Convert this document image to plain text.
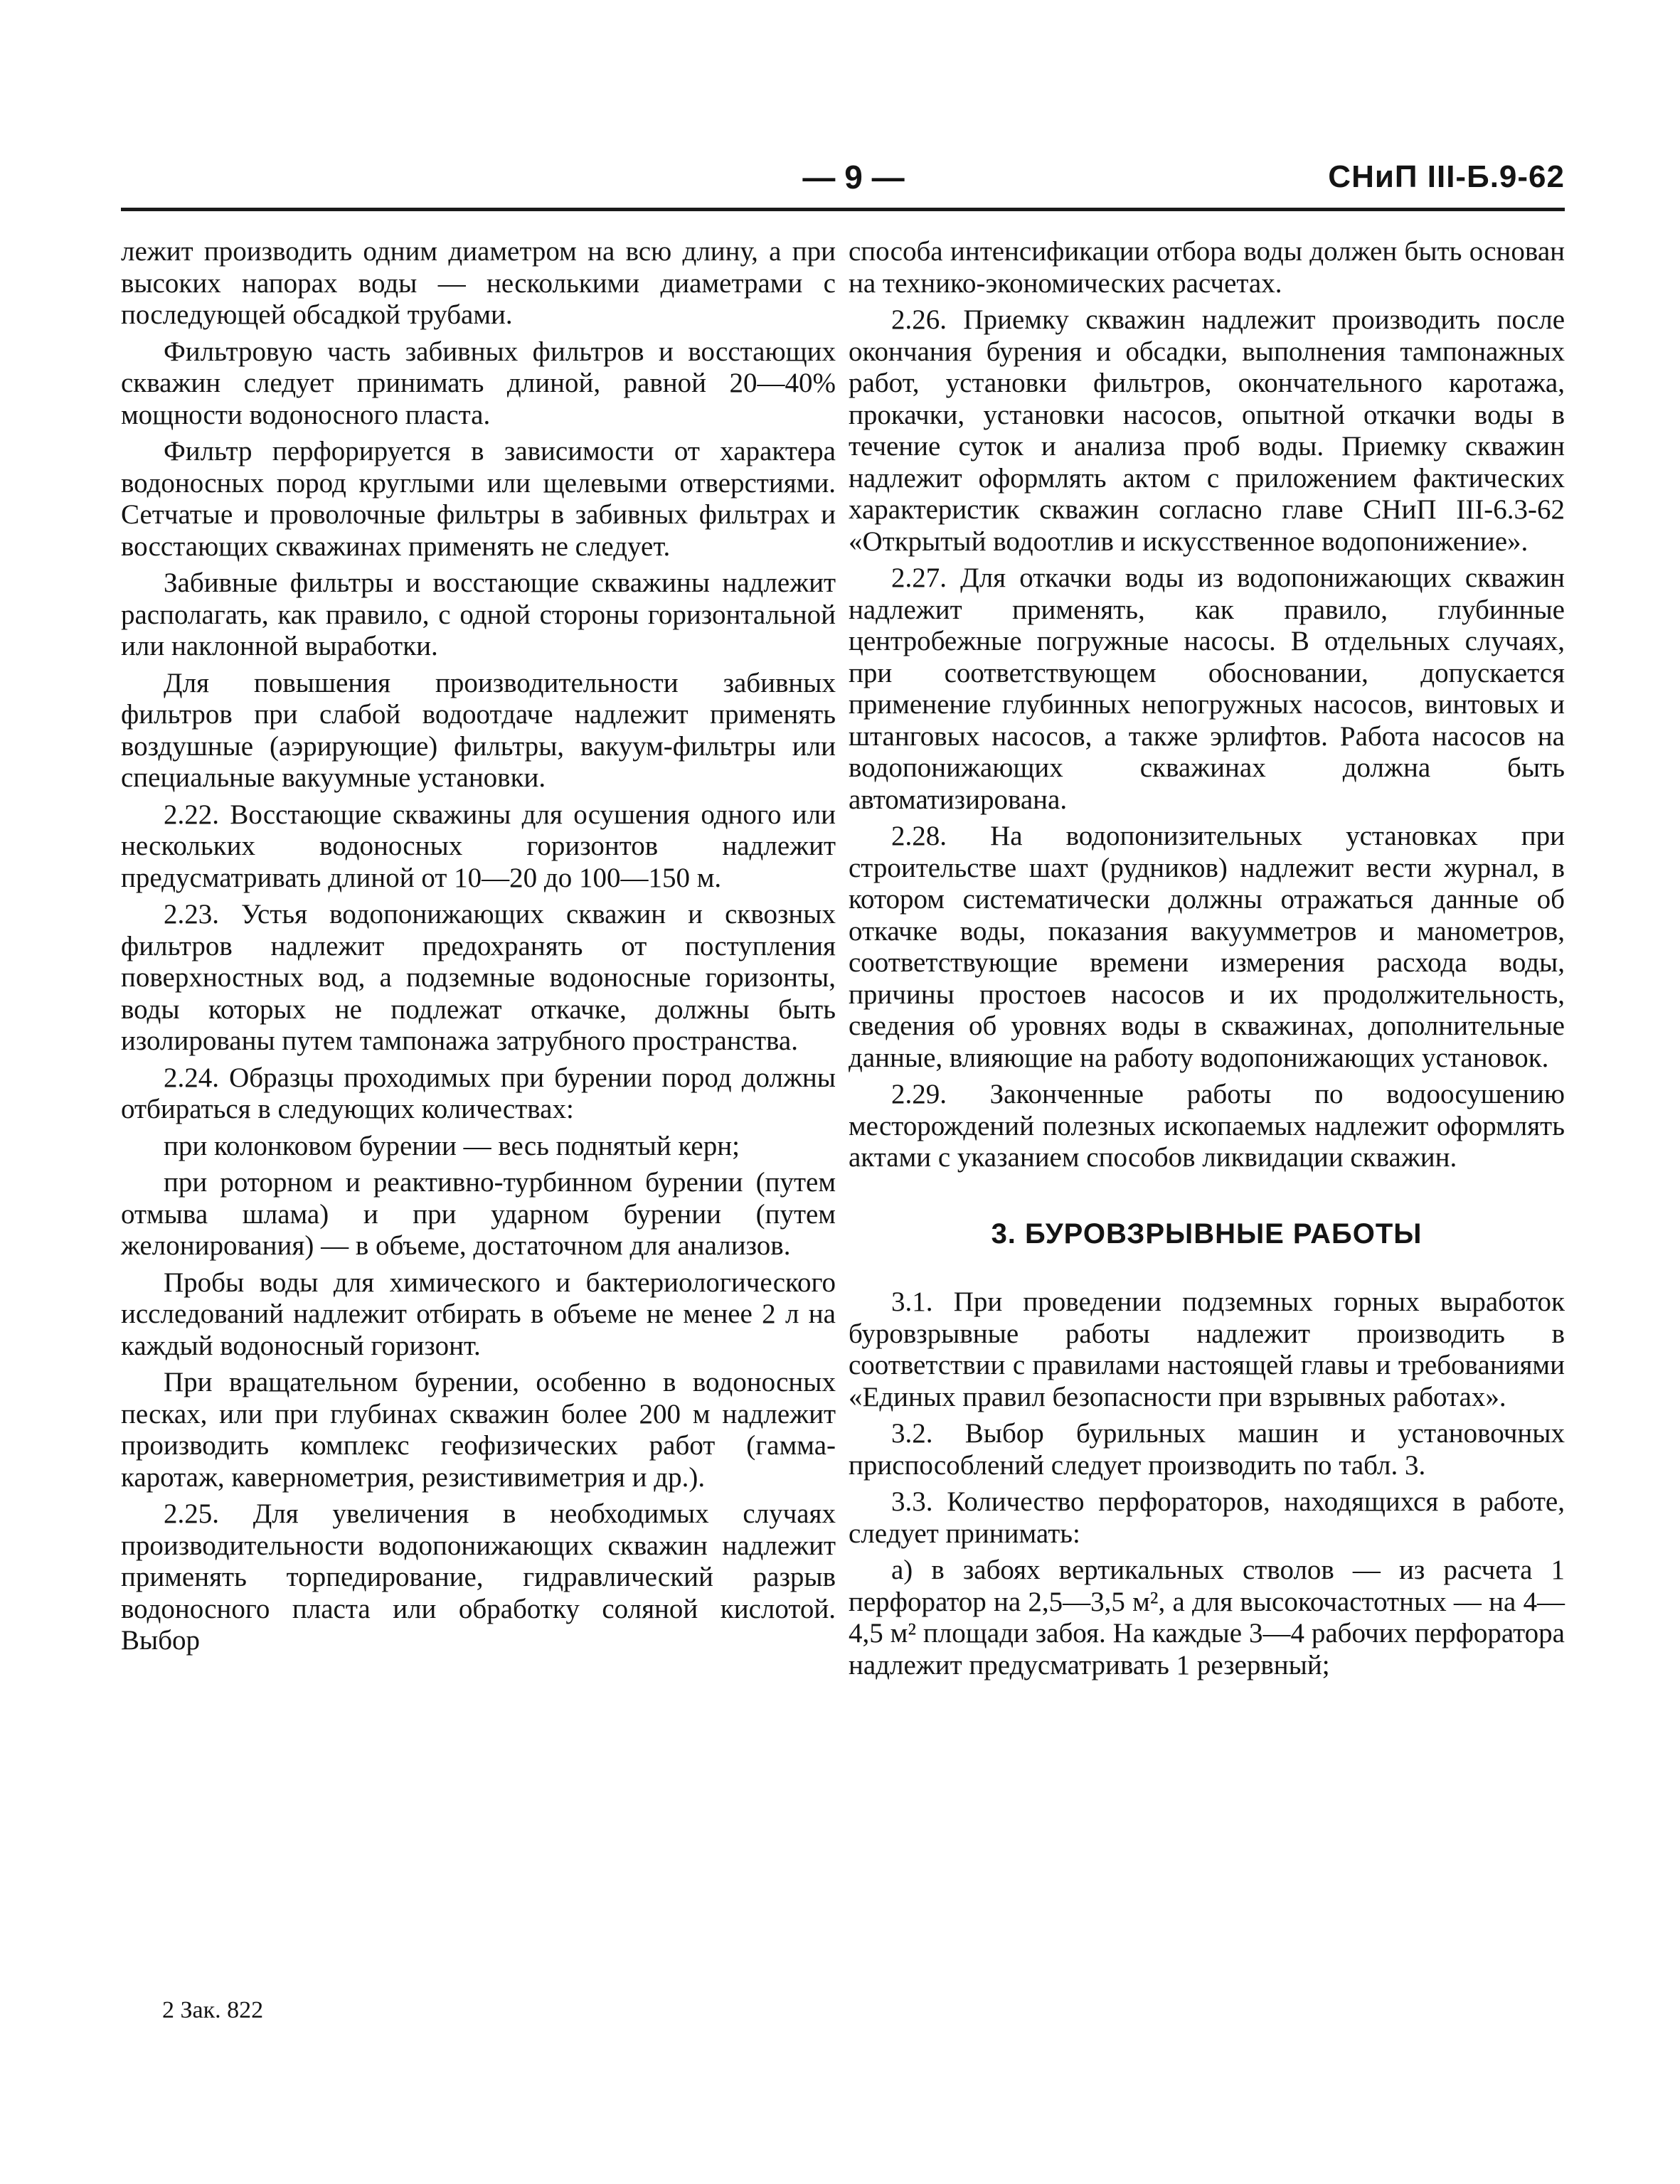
— 9 —	СНиП III-Б.9-62

лежит производить одним диаметром на всю длину, а при высоких напорах воды — несколькими диаметрами с последующей обсадкой трубами.

Фильтровую часть забивных фильтров и восстающих скважин следует принимать длиной, равной 20—40% мощности водоносного пласта.

Фильтр перфорируется в зависимости от характера водоносных пород круглыми или щелевыми отверстиями. Сетчатые и проволочные фильтры в забивных фильтрах и восстающих скважинах применять не следует.

Забивные фильтры и восстающие скважины надлежит располагать, как правило, с одной стороны горизонтальной или наклонной выработки.

Для повышения производительности забивных фильтров при слабой водоотдаче надлежит применять воздушные (аэрирующие) фильтры, вакуум-фильтры или специальные вакуумные установки.

2.22. Восстающие скважины для осушения одного или нескольких водоносных горизонтов надлежит предусматривать длиной от 10—20 до 100—150 м.

2.23. Устья водопонижающих скважин и сквозных фильтров надлежит предохранять от поступления поверхностных вод, а подземные водоносные горизонты, воды которых не подлежат откачке, должны быть изолированы путем тампонажа затрубного пространства.

2.24. Образцы проходимых при бурении пород должны отбираться в следующих количествах:

при колонковом бурении — весь поднятый керн;

при роторном и реактивно-турбинном бурении (путем отмыва шлама) и при ударном бурении (путем желонирования) — в объеме, достаточном для анализов.

Пробы воды для химического и бактериологического исследований надлежит отбирать в объеме не менее 2 л на каждый водоносный горизонт.

При вращательном бурении, особенно в водоносных песках, или при глубинах скважин более 200 м надлежит производить комплекс геофизических работ (гамма-каротаж, кавернометрия, резистивиметрия и др.).

2.25. Для увеличения в необходимых случаях производительности водопонижающих скважин надлежит применять торпедирование, гидравлический разрыв водоносного пласта или обработку соляной кислотой. Выбор

способа интенсификации отбора воды должен быть основан на технико-экономических расчетах.

2.26. Приемку скважин надлежит производить после окончания бурения и обсадки, выполнения тампонажных работ, установки фильтров, окончательного каротажа, прокачки, установки насосов, опытной откачки воды в течение суток и анализа проб воды. Приемку скважин надлежит оформлять актом с приложением фактических характеристик скважин согласно главе СНиП III-6.3-62 «Открытый водоотлив и искусственное водопонижение».

2.27. Для откачки воды из водопонижающих скважин надлежит применять, как правило, глубинные центробежные погружные насосы. В отдельных случаях, при соответствующем обосновании, допускается применение глубинных непогружных насосов, винтовых и штанговых насосов, а также эрлифтов. Работа насосов на водопонижающих скважинах должна быть автоматизирована.

2.28. На водопонизительных установках при строительстве шахт (рудников) надлежит вести журнал, в котором систематически должны отражаться данные об откачке воды, показания вакуумметров и манометров, соответствующие времени измерения расхода воды, причины простоев насосов и их продолжительность, сведения об уровнях воды в скважинах, дополнительные данные, влияющие на работу водопонижающих установок.

2.29. Законченные работы по водоосушению месторождений полезных ископаемых надлежит оформлять актами с указанием способов ликвидации скважин.

3. БУРОВЗРЫВНЫЕ РАБОТЫ

3.1. При проведении подземных горных выработок буровзрывные работы надлежит производить в соответствии с правилами настоящей главы и требованиями «Единых правил безопасности при взрывных работах».

3.2. Выбор бурильных машин и установочных приспособлений следует производить по табл. 3.

3.3. Количество перфораторов, находящихся в работе, следует принимать:

а) в забоях вертикальных стволов — из расчета 1 перфоратор на 2,5—3,5 м², а для высокочастотных — на 4—4,5 м² площади забоя. На каждые 3—4 рабочих перфоратора надлежит предусматривать 1 резервный;

2 Зак. 822
